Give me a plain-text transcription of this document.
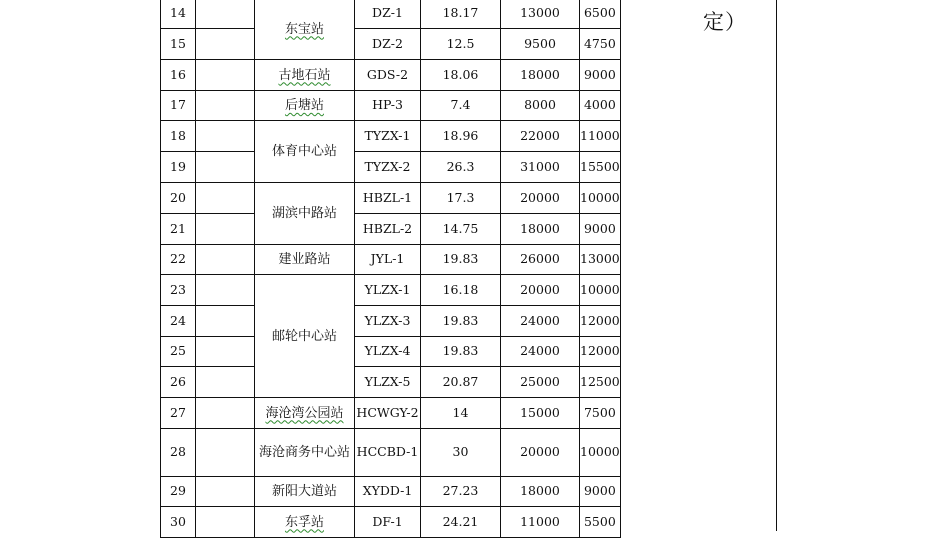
14		东宝站	DZ-1	18.17	13000	6500
15			DZ-2	12.5	9500	4750
16		古地石站	GDS-2	18.06	18000	9000
17		后塘站	HP-3	7.4	8000	4000
18		体育中心站	TYZX-1	18.96	22000	11000
19			TYZX-2	26.3	31000	15500
20		湖滨中路站	HBZL-1	17.3	20000	10000
21			HBZL-2	14.75	18000	9000
22		建业路站	JYL-1	19.83	26000	13000
23		邮轮中心站	YLZX-1	16.18	20000	10000
24			YLZX-3	19.83	24000	12000
25			YLZX-4	19.83	24000	12000
26			YLZX-5	20.87	25000	12500
27		海沧湾公园站	HCWGY-2	14	15000	7500
28		海沧商务中心站	HCCBD-1	30	20000	10000
29		新阳大道站	XYDD-1	27.23	18000	9000
30		东孚站	DF-1	24.21	11000	5500
定）
